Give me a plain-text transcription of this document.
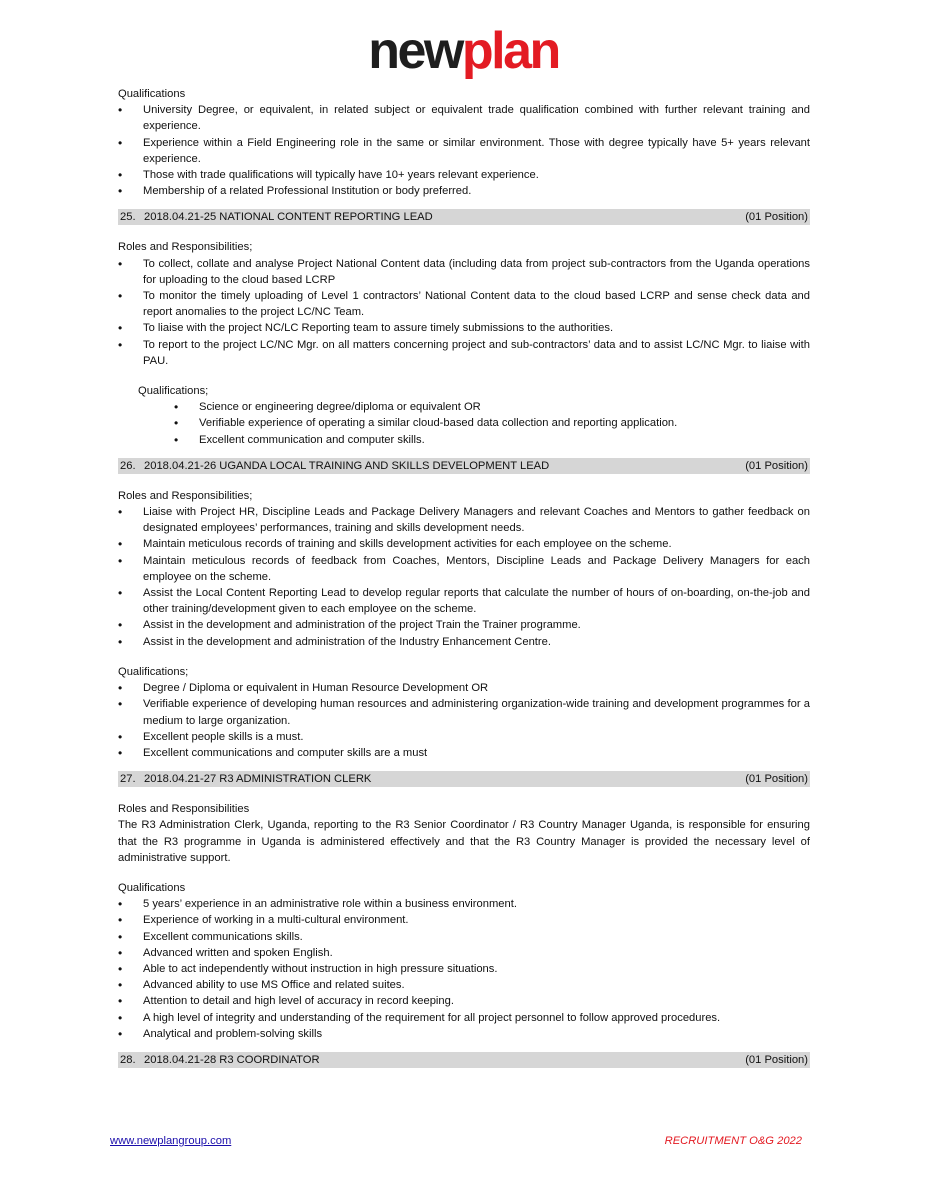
newplan
Qualifications
• University Degree, or equivalent, in related subject or equivalent trade qualification combined with further relevant training and experience.
• Experience within a Field Engineering role in the same or similar environment. Those with degree typically have 5+ years relevant experience.
• Those with trade qualifications will typically have 10+ years relevant experience.
• Membership of a related Professional Institution or body preferred.
25. 2018.04.21-25 NATIONAL CONTENT REPORTING LEAD	(01 Position)
Roles and Responsibilities;
• To collect, collate and analyse Project National Content data (including data from project sub-contractors from the Uganda operations for uploading to the cloud based LCRP
• To monitor the timely uploading of Level 1 contractors’ National Content data to the cloud based LCRP and sense check data and report anomalies to the project LC/NC Team.
• To liaise with the project NC/LC Reporting team to assure timely submissions to the authorities.
• To report to the project LC/NC Mgr. on all matters concerning project and sub-contractors’ data and to assist LC/NC Mgr. to liaise with PAU.
Qualifications;
• Science or engineering degree/diploma or equivalent OR
• Verifiable experience of operating a similar cloud-based data collection and reporting application.
• Excellent communication and computer skills.
26. 2018.04.21-26 UGANDA LOCAL TRAINING AND SKILLS DEVELOPMENT LEAD	(01 Position)
Roles and Responsibilities;
• Liaise with Project HR, Discipline Leads and Package Delivery Managers and relevant Coaches and Mentors to gather feedback on designated employees’ performances, training and skills development needs.
• Maintain meticulous records of training and skills development activities for each employee on the scheme.
• Maintain meticulous records of feedback from Coaches, Mentors, Discipline Leads and Package Delivery Managers for each employee on the scheme.
• Assist the Local Content Reporting Lead to develop regular reports that calculate the number of hours of on-boarding, on-the-job and other training/development given to each employee on the scheme.
• Assist in the development and administration of the project Train the Trainer programme.
• Assist in the development and administration of the Industry Enhancement Centre.
Qualifications;
• Degree / Diploma or equivalent in Human Resource Development OR
• Verifiable experience of developing human resources and administering organization-wide training and development programmes for a medium to large organization.
• Excellent people skills is a must.
• Excellent communications and computer skills are a must
27. 2018.04.21-27 R3 ADMINISTRATION CLERK	(01 Position)
Roles and Responsibilities

The R3 Administration Clerk, Uganda, reporting to the R3 Senior Coordinator / R3 Country Manager Uganda, is responsible for ensuring that the R3 programme in Uganda is administered effectively and that the R3 Country Manager is provided the necessary level of administrative support.

Qualifications
• 5 years’ experience in an administrative role within a business environment.
• Experience of working in a multi-cultural environment.
• Excellent communications skills.
• Advanced written and spoken English.
• Able to act independently without instruction in high pressure situations.
• Advanced ability to use MS Office and related suites.
• Attention to detail and high level of accuracy in record keeping.
• A high level of integrity and understanding of the requirement for all project personnel to follow approved procedures.
• Analytical and problem-solving skills
28. 2018.04.21-28 R3 COORDINATOR	(01 Position)
www.newplangroup.com	RECRUITMENT O&G 2022
